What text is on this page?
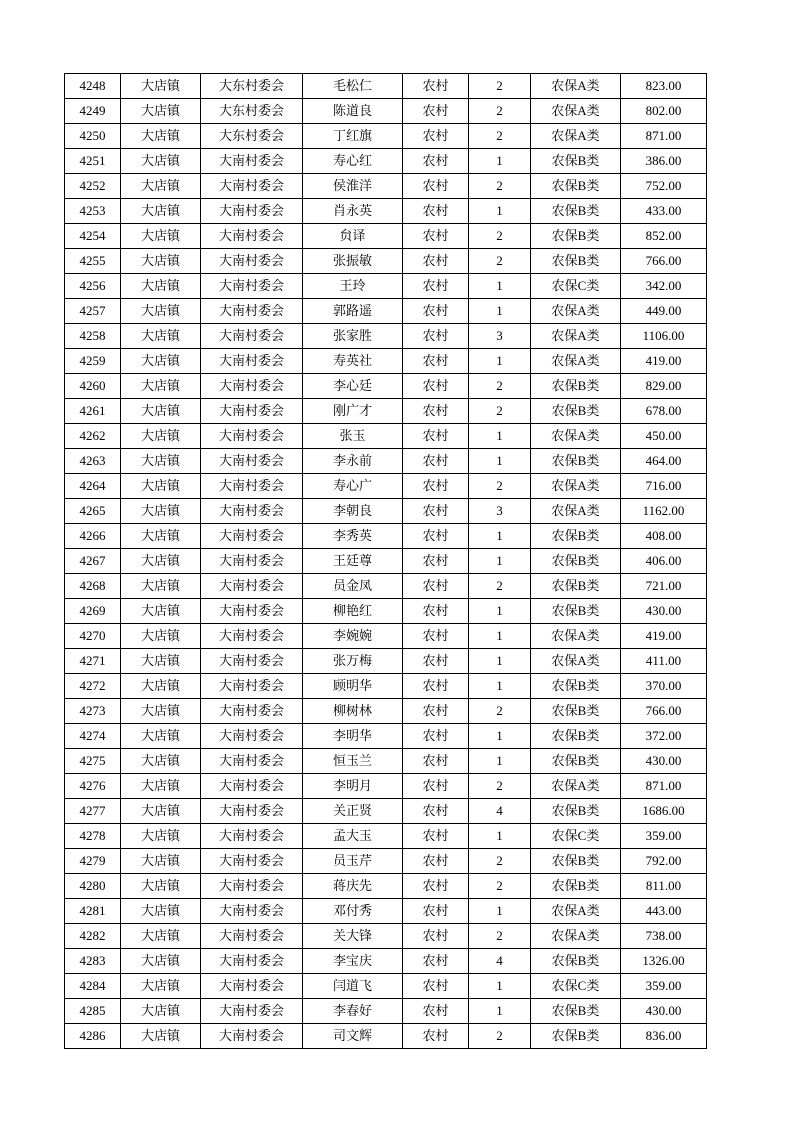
4248	大店镇	大东村委会	毛松仁	农村	2	农保A类	823.00
4249	大店镇	大东村委会	陈道良	农村	2	农保A类	802.00
4250	大店镇	大东村委会	丁红旗	农村	2	农保A类	871.00
4251	大店镇	大南村委会	寿心红	农村	1	农保B类	386.00
4252	大店镇	大南村委会	侯淮洋	农村	2	农保B类	752.00
4253	大店镇	大南村委会	肖永英	农村	1	农保B类	433.00
4254	大店镇	大南村委会	贠译	农村	2	农保B类	852.00
4255	大店镇	大南村委会	张振敏	农村	2	农保B类	766.00
4256	大店镇	大南村委会	王玲	农村	1	农保C类	342.00
4257	大店镇	大南村委会	郭路遥	农村	1	农保A类	449.00
4258	大店镇	大南村委会	张家胜	农村	3	农保A类	1106.00
4259	大店镇	大南村委会	寿英社	农村	1	农保A类	419.00
4260	大店镇	大南村委会	李心廷	农村	2	农保B类	829.00
4261	大店镇	大南村委会	刚广才	农村	2	农保B类	678.00
4262	大店镇	大南村委会	张玉	农村	1	农保A类	450.00
4263	大店镇	大南村委会	李永前	农村	1	农保B类	464.00
4264	大店镇	大南村委会	寿心广	农村	2	农保A类	716.00
4265	大店镇	大南村委会	李朝良	农村	3	农保A类	1162.00
4266	大店镇	大南村委会	李秀英	农村	1	农保B类	408.00
4267	大店镇	大南村委会	王廷尊	农村	1	农保B类	406.00
4268	大店镇	大南村委会	员金凤	农村	2	农保B类	721.00
4269	大店镇	大南村委会	柳艳红	农村	1	农保B类	430.00
4270	大店镇	大南村委会	李婉婉	农村	1	农保A类	419.00
4271	大店镇	大南村委会	张万梅	农村	1	农保A类	411.00
4272	大店镇	大南村委会	顾明华	农村	1	农保B类	370.00
4273	大店镇	大南村委会	柳树林	农村	2	农保B类	766.00
4274	大店镇	大南村委会	李明华	农村	1	农保B类	372.00
4275	大店镇	大南村委会	恒玉兰	农村	1	农保B类	430.00
4276	大店镇	大南村委会	李明月	农村	2	农保A类	871.00
4277	大店镇	大南村委会	关正贤	农村	4	农保B类	1686.00
4278	大店镇	大南村委会	孟大玉	农村	1	农保C类	359.00
4279	大店镇	大南村委会	员玉芹	农村	2	农保B类	792.00
4280	大店镇	大南村委会	蒋庆先	农村	2	农保B类	811.00
4281	大店镇	大南村委会	邓付秀	农村	1	农保A类	443.00
4282	大店镇	大南村委会	关大锋	农村	2	农保A类	738.00
4283	大店镇	大南村委会	李宝庆	农村	4	农保B类	1326.00
4284	大店镇	大南村委会	闫道飞	农村	1	农保C类	359.00
4285	大店镇	大南村委会	李春好	农村	1	农保B类	430.00
4286	大店镇	大南村委会	司文辉	农村	2	农保B类	836.00
